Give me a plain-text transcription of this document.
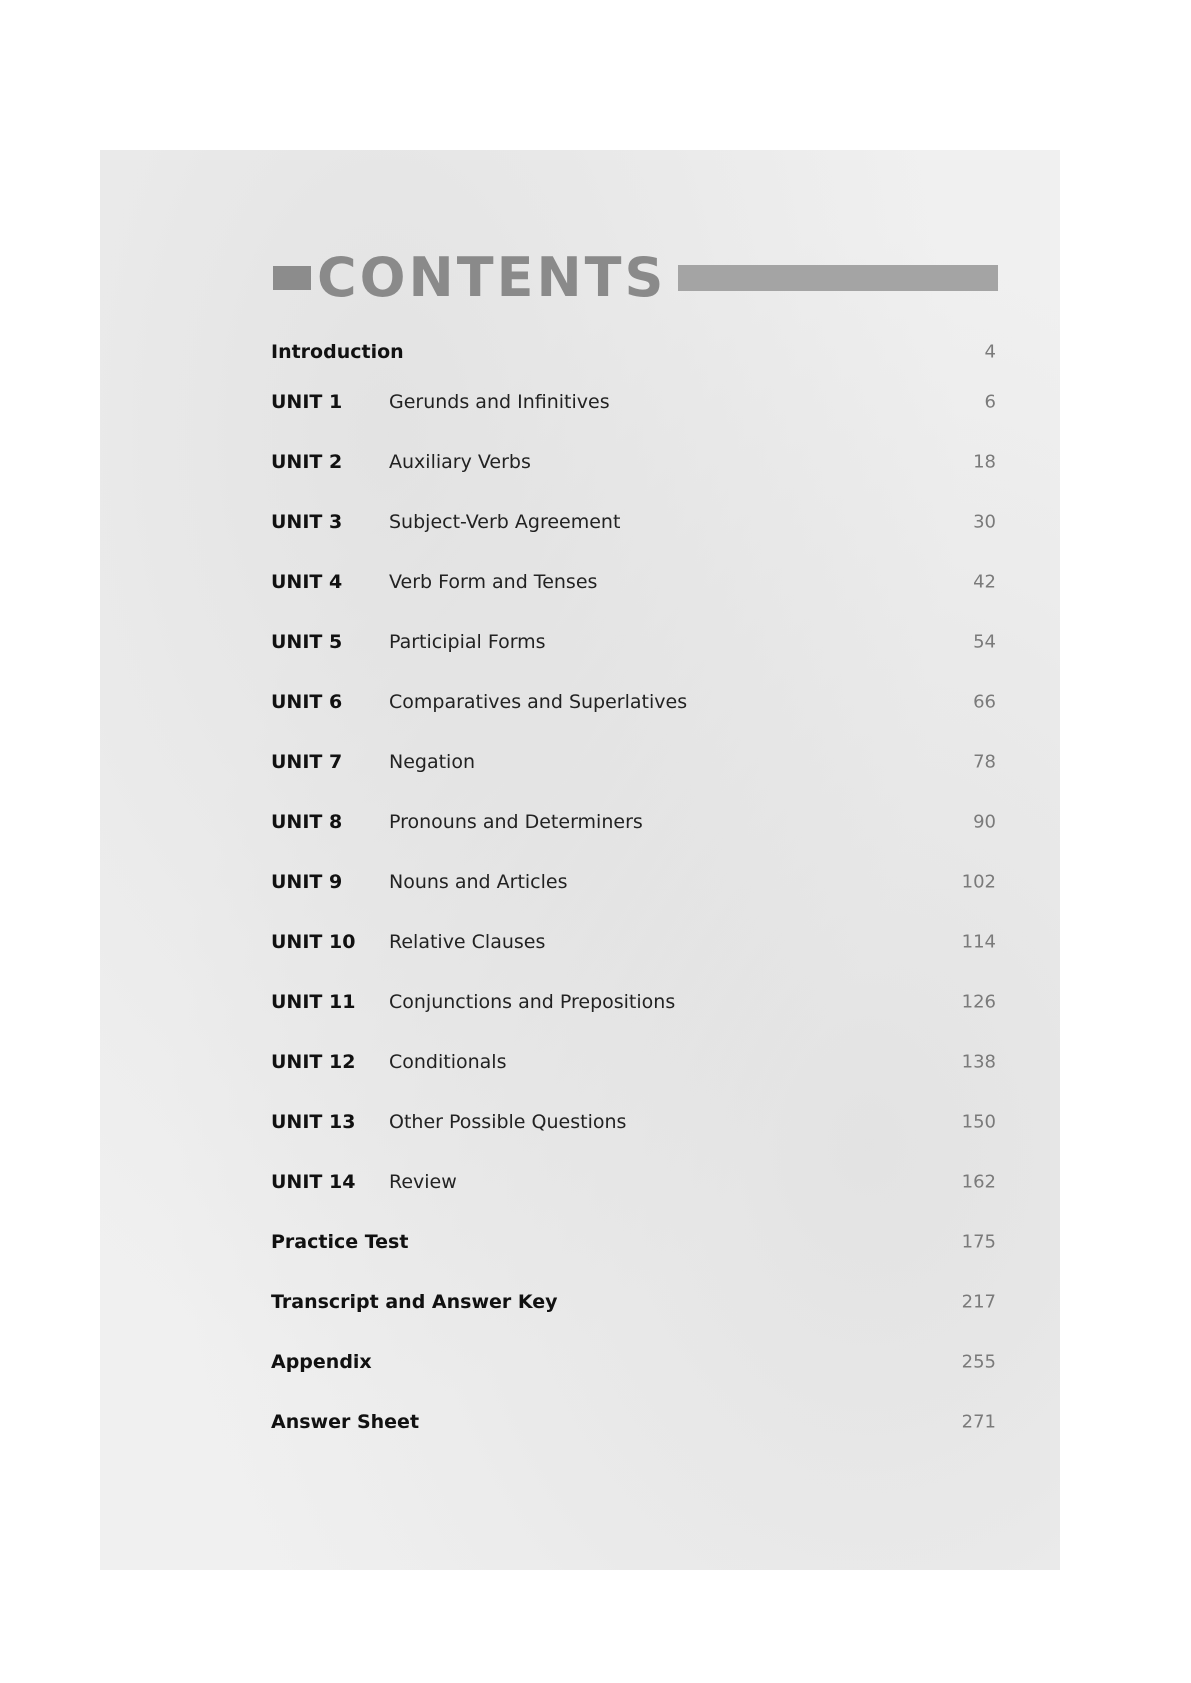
CONTENTS
Introduction	4
UNIT 1	Gerunds and Infinitives	6
UNIT 2	Auxiliary Verbs	18
UNIT 3	Subject-Verb Agreement	30
UNIT 4	Verb Form and Tenses	42
UNIT 5	Participial Forms	54
UNIT 6	Comparatives and Superlatives	66
UNIT 7	Negation	78
UNIT 8	Pronouns and Determiners	90
UNIT 9	Nouns and Articles	102
UNIT 10	Relative Clauses	114
UNIT 11	Conjunctions and Prepositions	126
UNIT 12	Conditionals	138
UNIT 13	Other Possible Questions	150
UNIT 14	Review	162
Practice Test	175
Transcript and Answer Key	217
Appendix	255
Answer Sheet	271
